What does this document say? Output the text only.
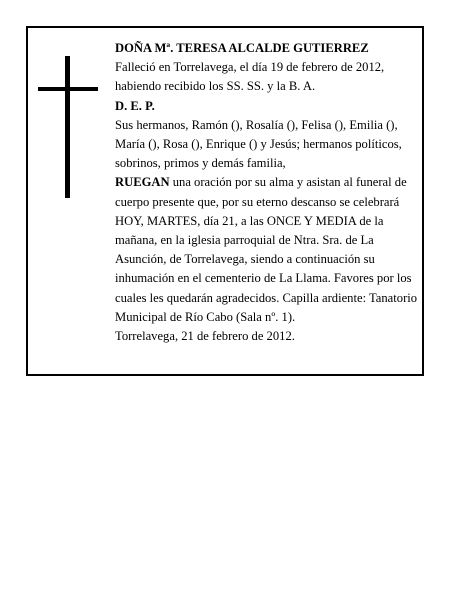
DOÑA Mª. TERESA ALCALDE GUTIERREZ

Falleció en Torrelavega, el día 19 de febrero de 2012, habiendo recibido los SS. SS. y la B. A.

D. E. P.

Sus hermanos, Ramón (), Rosalía (), Felisa (), Emilia (), María (), Rosa (), Enrique () y Jesús; hermanos políticos, sobrinos, primos y demás familia,

RUEGAN una oración por su alma y asistan al funeral de cuerpo presente que, por su eterno descanso se celebrará HOY, MARTES, día 21, a las ONCE Y MEDIA de la mañana, en la iglesia parroquial de Ntra. Sra. de La Asunción, de Torrelavega, siendo a continuación su inhumación en el cementerio de La Llama. Favores por los cuales les quedarán agradecidos. Capilla ardiente: Tanatorio Municipal de Río Cabo (Sala nº. 1).

Torrelavega, 21 de febrero de 2012.
